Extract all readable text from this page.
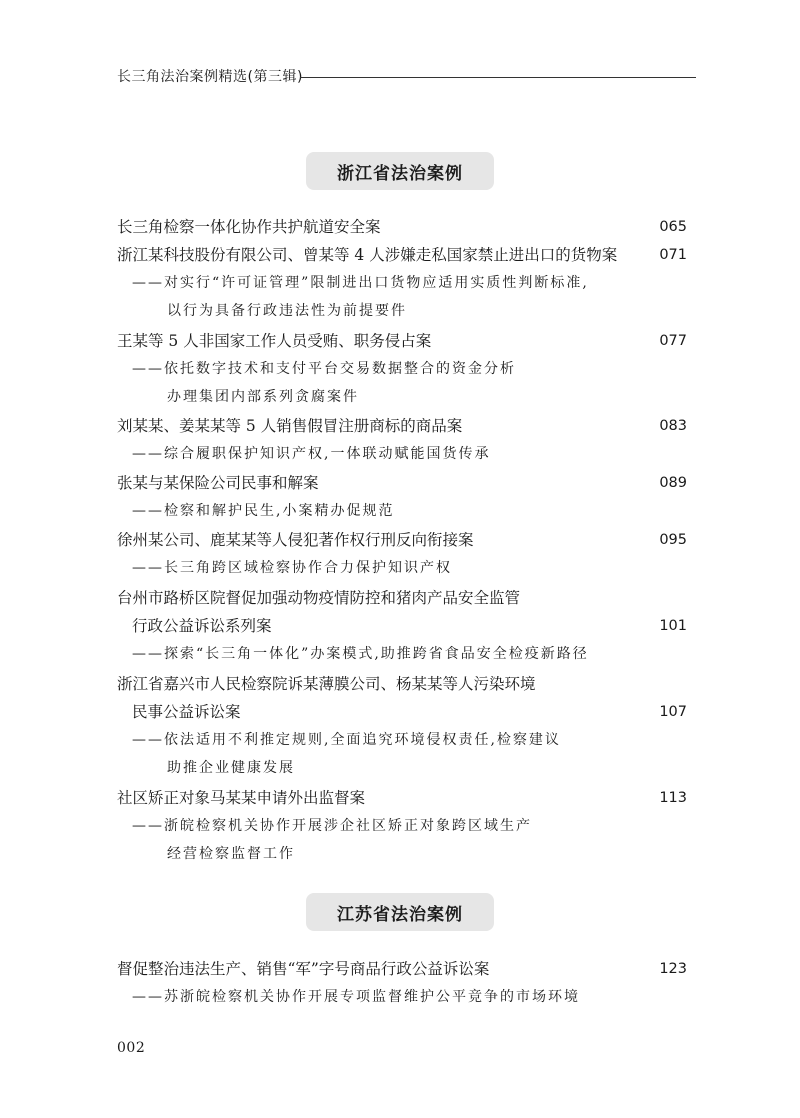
长三角法治案例精选(第三辑)
浙江省法治案例
065
长三角检察一体化协作共护航道安全案
071
浙江某科技股份有限公司、曾某等 4 人涉嫌走私国家禁止进出口的货物案
——对实行“许可证管理”限制进出口货物应适用实质性判断标准,
以行为具备行政违法性为前提要件
077
王某等 5 人非国家工作人员受贿、职务侵占案
——依托数字技术和支付平台交易数据整合的资金分析
办理集团内部系列贪腐案件
083
刘某某、姜某某等 5 人销售假冒注册商标的商品案
——综合履职保护知识产权,一体联动赋能国货传承
089
张某与某保险公司民事和解案
——检察和解护民生,小案精办促规范
095
徐州某公司、鹿某某等人侵犯著作权行刑反向衔接案
——长三角跨区域检察协作合力保护知识产权
101
台州市路桥区院督促加强动物疫情防控和猪肉产品安全监管
行政公益诉讼系列案
——探索“长三角一体化”办案模式,助推跨省食品安全检疫新路径
107
浙江省嘉兴市人民检察院诉某薄膜公司、杨某某等人污染环境
民事公益诉讼案
——依法适用不利推定规则,全面追究环境侵权责任,检察建议
助推企业健康发展
113
社区矫正对象马某某申请外出监督案
——浙皖检察机关协作开展涉企社区矫正对象跨区域生产
经营检察监督工作
江苏省法治案例
123
督促整治违法生产、销售“军”字号商品行政公益诉讼案
——苏浙皖检察机关协作开展专项监督维护公平竞争的市场环境
002
